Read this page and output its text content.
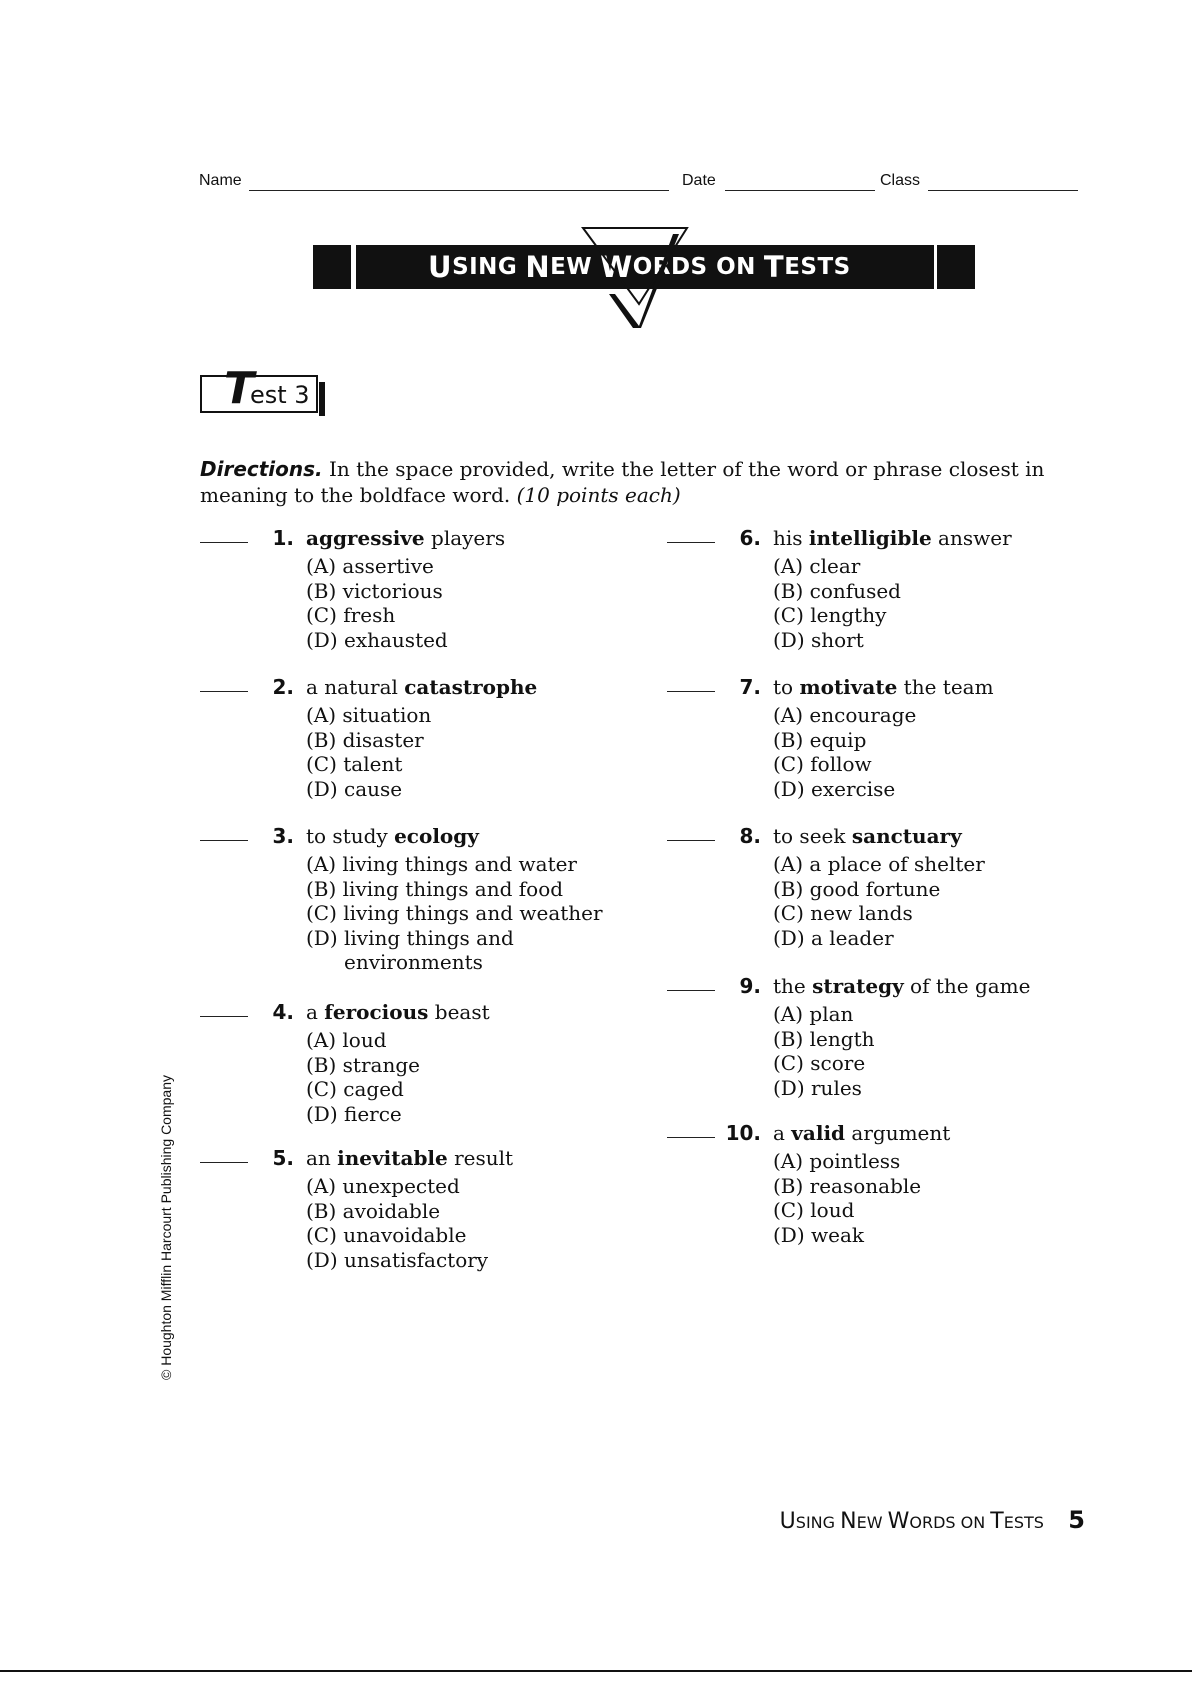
Name	Date	Class
U SING N EW W ORDS ON T ESTS
T
est 3
Directions. In the space provided, write the letter of the word or phrase closest in meaning to the boldface word. (10 points each)
1. aggressive players
(A) assertive
(B) victorious
(C) fresh
(D) exhausted
2. a natural catastrophe
(A) situation
(B) disaster
(C) talent
(D) cause
3. to study ecology
(A) living things and water
(B) living things and food
(C) living things and weather
(D) living things and
environments
4. a ferocious beast
(A) loud
(B) strange
(C) caged
(D) fierce
5. an inevitable result
(A) unexpected
(B) avoidable
(C) unavoidable
(D) unsatisfactory
6. his intelligible answer
(A) clear
(B) confused
(C) lengthy
(D) short
7. to motivate the team
(A) encourage
(B) equip
(C) follow
(D) exercise
8. to seek sanctuary
(A) a place of shelter
(B) good fortune
(C) new lands
(D) a leader
9. the strategy of the game
(A) plan
(B) length
(C) score
(D) rules
10. a valid argument
(A) pointless
(B) reasonable
(C) loud
(D) weak
© Houghton Mifflin Harcourt Publishing Company
USING NEW WORDS ON TESTS 5
